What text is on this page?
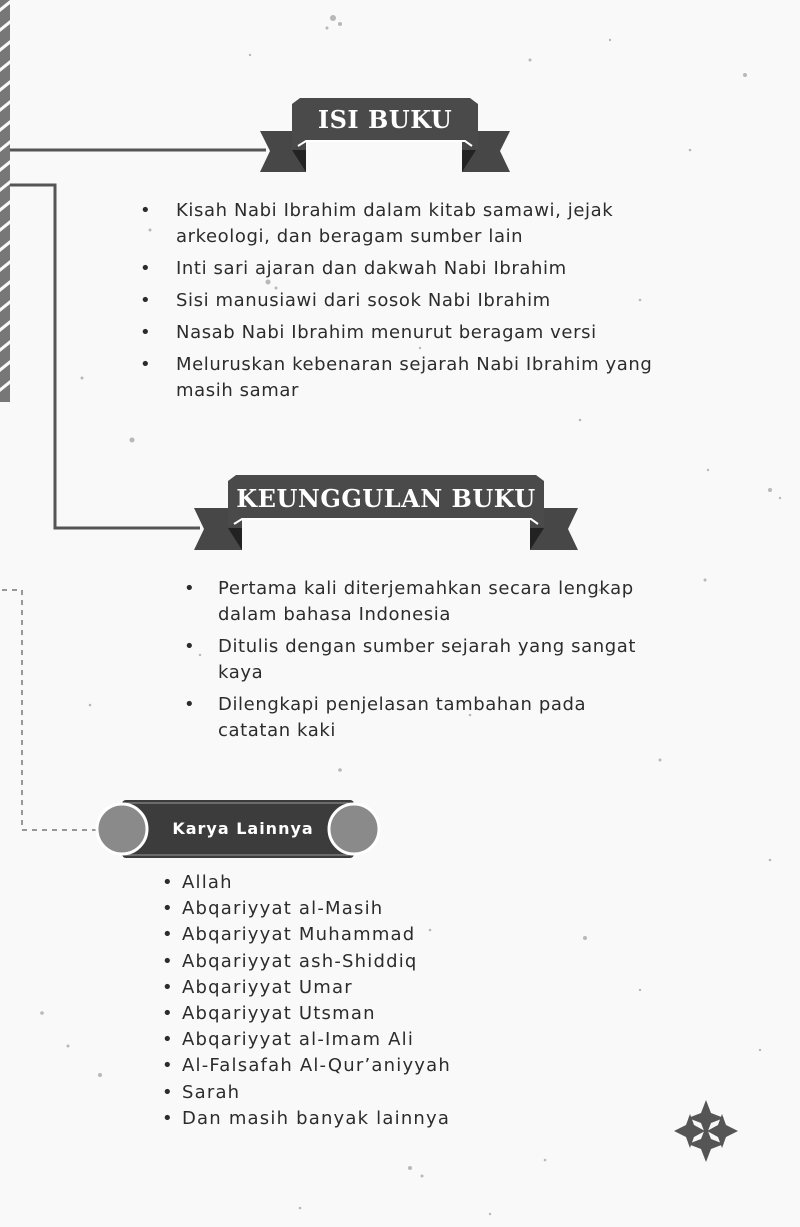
ISI BUKU
• Kisah Nabi Ibrahim dalam kitab samawi, jejak arkeologi, dan beragam sumber lain
• Inti sari ajaran dan dakwah Nabi Ibrahim
• Sisi manusiawi dari sosok Nabi Ibrahim
• Nasab Nabi Ibrahim menurut beragam versi
• Meluruskan kebenaran sejarah Nabi Ibrahim yang masih samar
KEUNGGULAN BUKU
• Pertama kali diterjemahkan secara lengkap dalam bahasa Indonesia
• Ditulis dengan sumber sejarah yang sangat kaya
• Dilengkapi penjelasan tambahan pada catatan kaki
Karya Lainnya
• Allah
• Abqariyyat al-Masih
• Abqariyyat Muhammad
• Abqariyyat ash-Shiddiq
• Abqariyyat Umar
• Abqariyyat Utsman
• Abqariyyat al-Imam Ali
• Al-Falsafah Al-Qur’aniyyah
• Sarah
• Dan masih banyak lainnya
